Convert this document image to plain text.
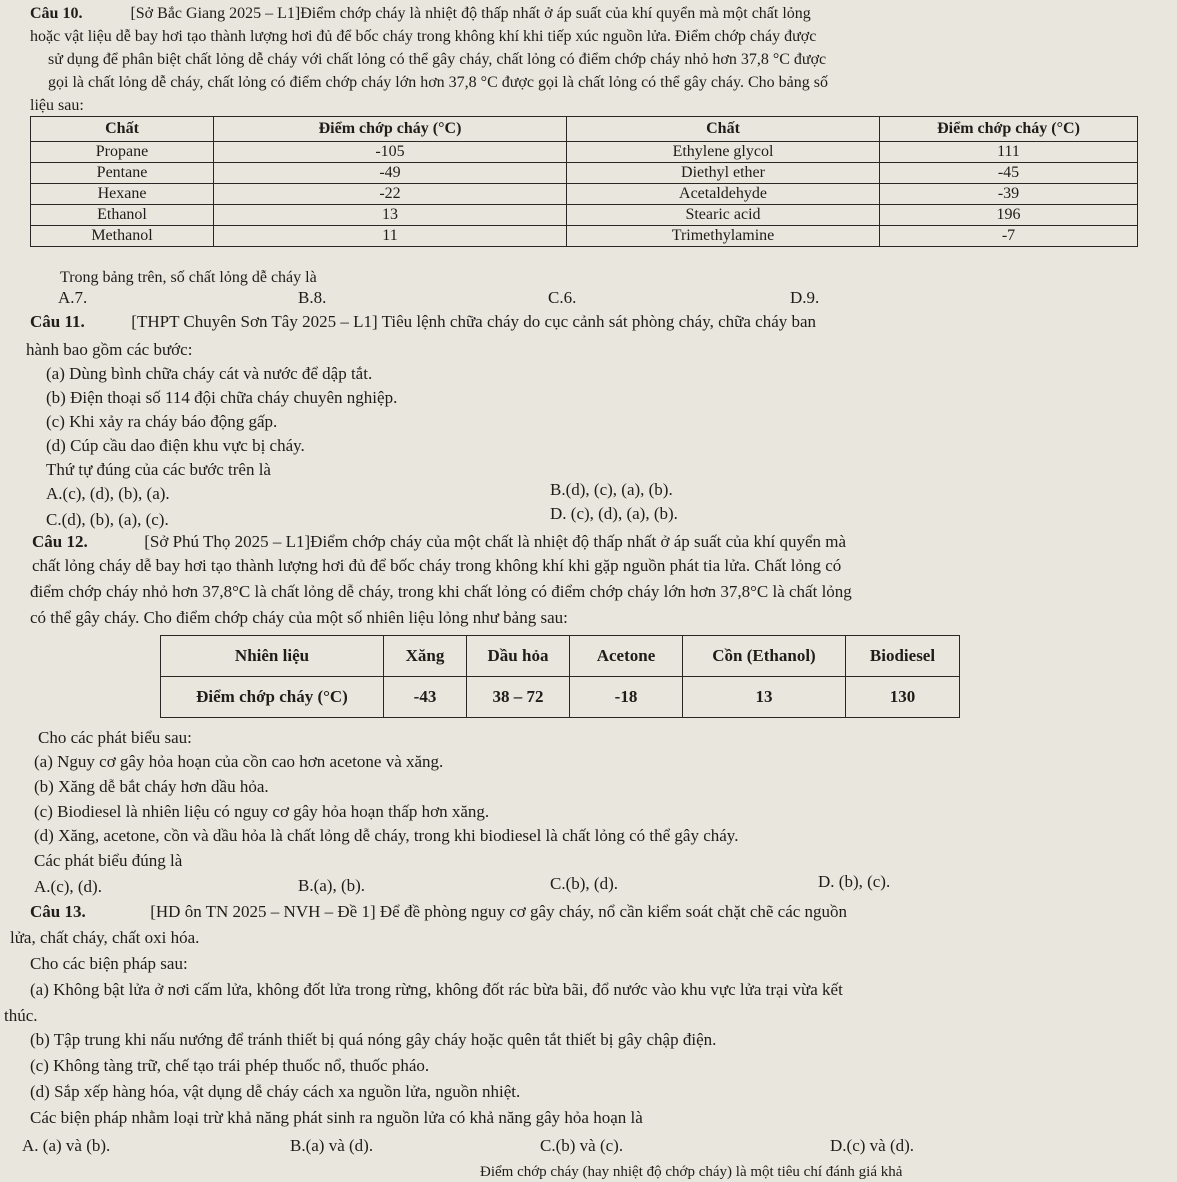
Câu 10.	[Sở Bắc Giang 2025 – L1]Điểm chớp cháy là nhiệt độ thấp nhất ở áp suất của khí quyển mà một chất lỏng
hoặc vật liệu dễ bay hơi tạo thành lượng hơi đủ để bốc cháy trong không khí khi tiếp xúc nguồn lửa. Điểm chớp cháy được
sử dụng để phân biệt chất lỏng dễ cháy với chất lỏng có thể gây cháy, chất lỏng có điểm chớp cháy nhỏ hơn 37,8 °C được
gọi là chất lỏng dễ cháy, chất lỏng có điểm chớp cháy lớn hơn 37,8 °C được gọi là chất lỏng có thể gây cháy. Cho bảng số
liệu sau:
Chất	Điểm chớp cháy (°C)	Chất	Điểm chớp cháy (°C)
Propane	-105	Ethylene glycol	111
Pentane	-49	Diethyl ether	-45
Hexane	-22	Acetaldehyde	-39
Ethanol	13	Stearic acid	196
Methanol	11	Trimethylamine	-7
Trong bảng trên, số chất lỏng dễ cháy là
A.7.	B.8.	C.6.	D.9.
Câu 11.	[THPT Chuyên Sơn Tây 2025 – L1] Tiêu lệnh chữa cháy do cục cảnh sát phòng cháy, chữa cháy ban
hành bao gồm các bước:
(a) Dùng bình chữa cháy cát và nước để dập tắt.
(b) Điện thoại số 114 đội chữa cháy chuyên nghiệp.
(c) Khi xảy ra cháy báo động gấp.
(d) Cúp cầu dao điện khu vực bị cháy.
Thứ tự đúng của các bước trên là
A.(c), (d), (b), (a).	B.(d), (c), (a), (b).
C.(d), (b), (a), (c).	D. (c), (d), (a), (b).
Câu 12.	[Sở Phú Thọ 2025 – L1]Điểm chớp cháy của một chất là nhiệt độ thấp nhất ở áp suất của khí quyển mà
chất lỏng cháy dễ bay hơi tạo thành lượng hơi đủ để bốc cháy trong không khí khi gặp nguồn phát tia lửa. Chất lỏng có
điểm chớp cháy nhỏ hơn 37,8°C là chất lỏng dễ cháy, trong khi chất lỏng có điểm chớp cháy lớn hơn 37,8°C là chất lỏng
có thể gây cháy. Cho điểm chớp cháy của một số nhiên liệu lỏng như bảng sau:
Nhiên liệu	Xăng	Dầu hỏa	Acetone	Cồn (Ethanol)	Biodiesel
Điểm chớp cháy (°C)	-43	38 – 72	-18	13	130
Cho các phát biểu sau:
(a) Nguy cơ gây hỏa hoạn của cồn cao hơn acetone và xăng.
(b) Xăng dễ bắt cháy hơn dầu hỏa.
(c) Biodiesel là nhiên liệu có nguy cơ gây hỏa hoạn thấp hơn xăng.
(d) Xăng, acetone, cồn và dầu hỏa là chất lỏng dễ cháy, trong khi biodiesel là chất lỏng có thể gây cháy.
Các phát biểu đúng là
A.(c), (d).	B.(a), (b).	C.(b), (d).	D. (b), (c).
Câu 13.	[HD ôn TN 2025 – NVH – Đề 1] Để đề phòng nguy cơ gây cháy, nổ cần kiểm soát chặt chẽ các nguồn
lửa, chất cháy, chất oxi hóa.
Cho các biện pháp sau:
(a) Không bật lửa ở nơi cấm lửa, không đốt lửa trong rừng, không đốt rác bừa bãi, đổ nước vào khu vực lửa trại vừa kết
thúc.
(b) Tập trung khi nấu nướng để tránh thiết bị quá nóng gây cháy hoặc quên tắt thiết bị gây chập điện.
(c) Không tàng trữ, chế tạo trái phép thuốc nổ, thuốc pháo.
(d) Sắp xếp hàng hóa, vật dụng dễ cháy cách xa nguồn lửa, nguồn nhiệt.
Các biện pháp nhằm loại trừ khả năng phát sinh ra nguồn lửa có khả năng gây hỏa hoạn là
A. (a) và (b).	B.(a) và (d).	C.(b) và (c).	D.(c) và (d).
Điểm chớp cháy (hay nhiệt độ chớp cháy) là một tiêu chí đánh giá khả
